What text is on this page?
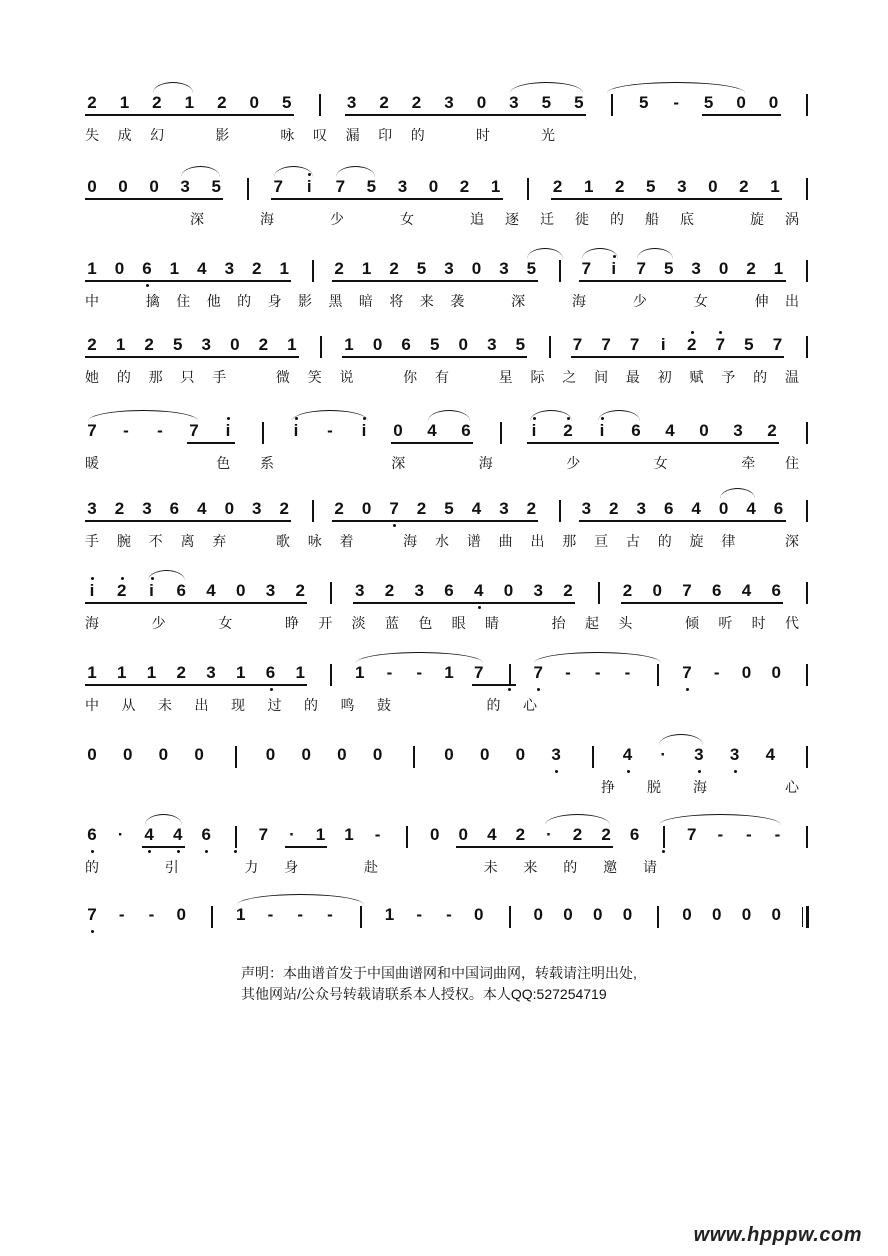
2 1 2 1 2 0 5	3 2 2 3 0 3 5 5	5	-	5 0 0
失 成 幻	影	咏 叹 漏 印 的	时	光
0 0 0 3 5	7	i	7 5 3 0 2 1	2 1 2 5 3 0 2 1
深	海	少	女	追 逐 迁 徙 的 船 底	旋 涡
1 0 6 1 4 3 2 1	2 1 2 5 3 0 3 5	7	i	7 5 3 0 2 1
中	擒 住 他 的 身 影 黑 暗 将 来 袭	深	海	少	女	伸 出
2 1 2 5 3 0 2 1	1 0 6 5 0 3 5	7 7 7	i	2 7 5 7
她 的 那 只 手	微 笑 说	你 有	星 际 之 间 最 初 赋 予 的 温
7	-	-	7	i	i	-	i	0 4 6	i	2	i	6 4 0 3 2
暖	色 系	深	海	少	女	牵 住
3 2 3 6 4 0 3 2	2 0 7 2 5 4 3 2	3 2 3 6 4 0 4 6
手 腕 不 离 弃	歌 咏 着	海 水 谱 曲 出 那 亘 古 的 旋 律	深
i	2	i	6 4 0 3 2	3 2 3 6 4 0 3 2	2 0 7 6 4 6
海	少	女	睁 开 淡 蓝 色 眼 睛	抬 起 头	倾 听 时 代
1 1 1 2 3 1 6 1	1	-	-	1 7	7	-	-	-	7	-	0 0
中 从 未 出 现 过 的 鸣 鼓	的 心
0 0 0 0	0 0 0 0	0 0 0 3	4	·	3 3 4
挣 脱 海	心
6	·	4 4 6	7	·	1 1	-	0 0 4 2	·	2 2 6	7	-	-	-
的	引	力 身	赴	未 来 的 邀 请
7	-	-	0	1	-	-	-	1	-	-	0	0 0 0 0	0 0 0 0
声明：本曲谱首发于中国曲谱网和中国词曲网，转载请注明出处,
其他网站/公众号转载请联系本人授权。本人QQ:527254719
www.hpppw.com
